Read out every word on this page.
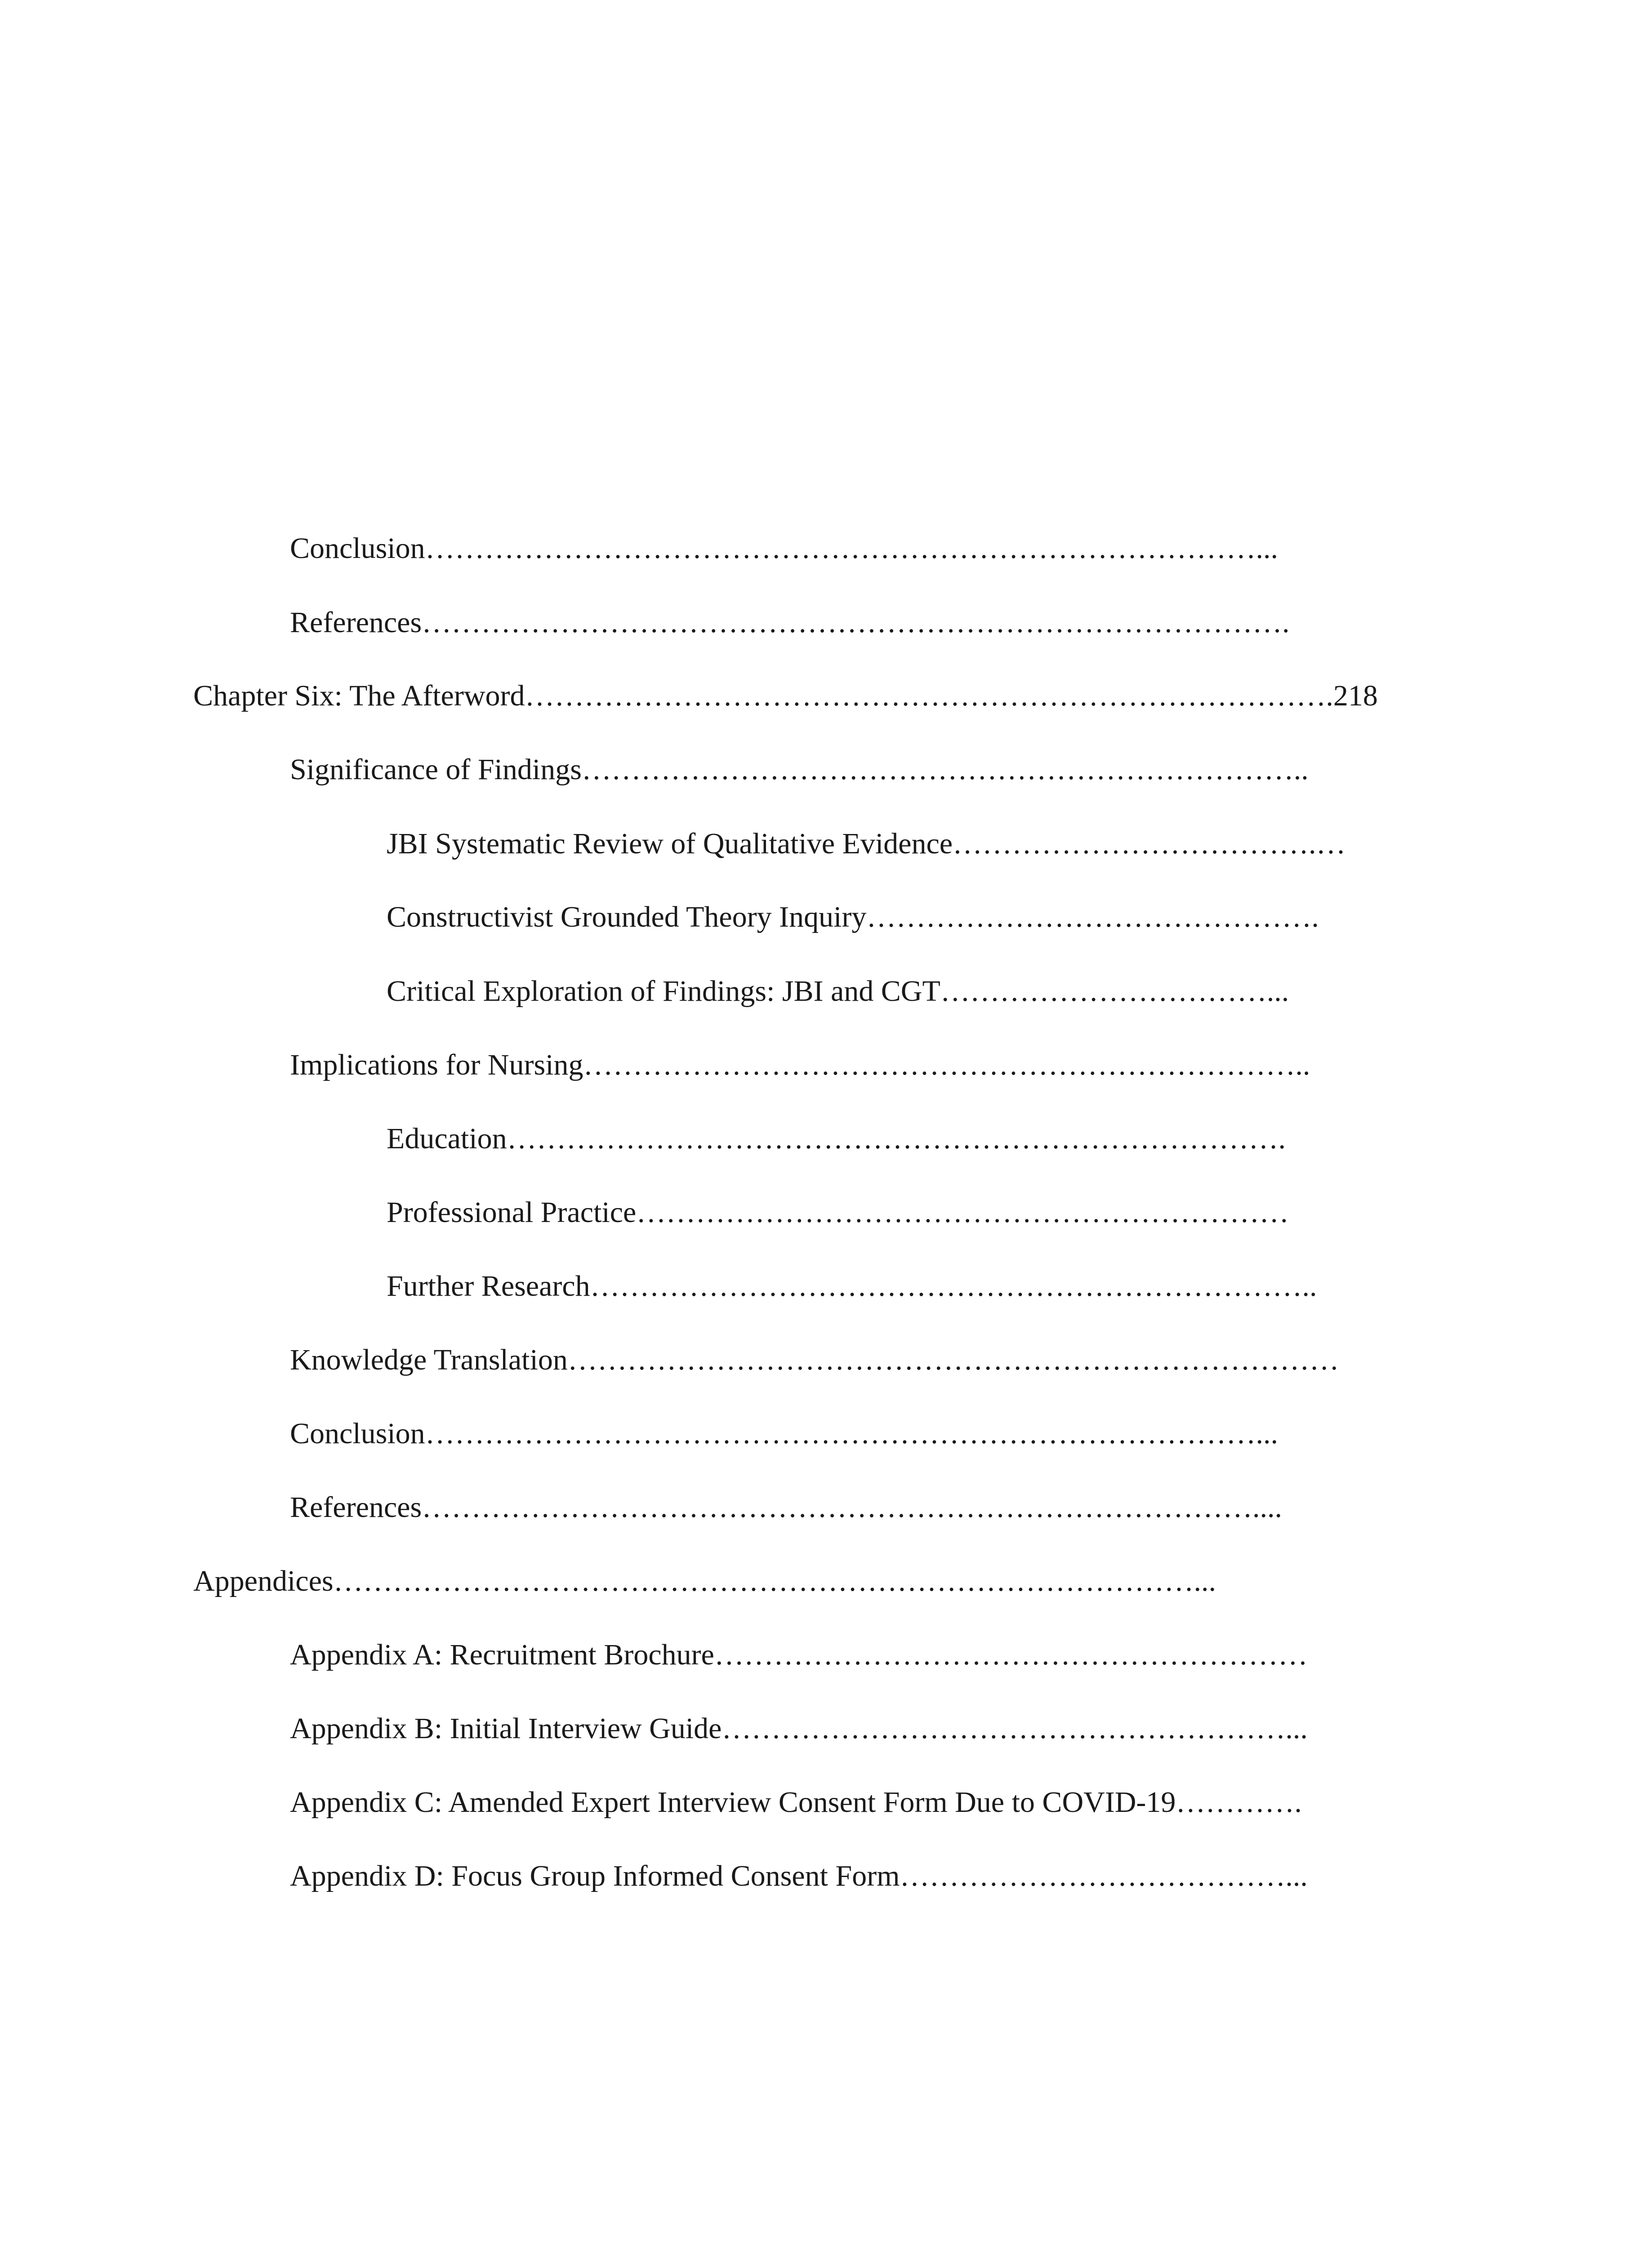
Conclusion…………………………………………………………………………...
References…………………………………………………………………………….
Chapter Six: The Afterword……………………………………………………………………….218
Significance of Findings………………………………………………………………..
JBI Systematic Review of Qualitative Evidence……………………………….…
Constructivist Grounded Theory Inquiry……………………………………….
Critical Exploration of Findings: JBI and CGT……………………………...
Implications for Nursing………………………………………………………………..
Education…………………………………………………………………….
Professional Practice…………………………………………………………
Further Research………………………………………………………………..
Knowledge Translation……………………………………………………………………
Conclusion…………………………………………………………………………...
References…………………………………………………………………………....
Appendices……………………………………………………………………………...
Appendix A: Recruitment Brochure……………………………………………………
Appendix B: Initial Interview Guide…………………………………………………...
Appendix C: Amended Expert Interview Consent Form Due to COVID-19………….
Appendix D: Focus Group Informed Consent Form…………………………………...
